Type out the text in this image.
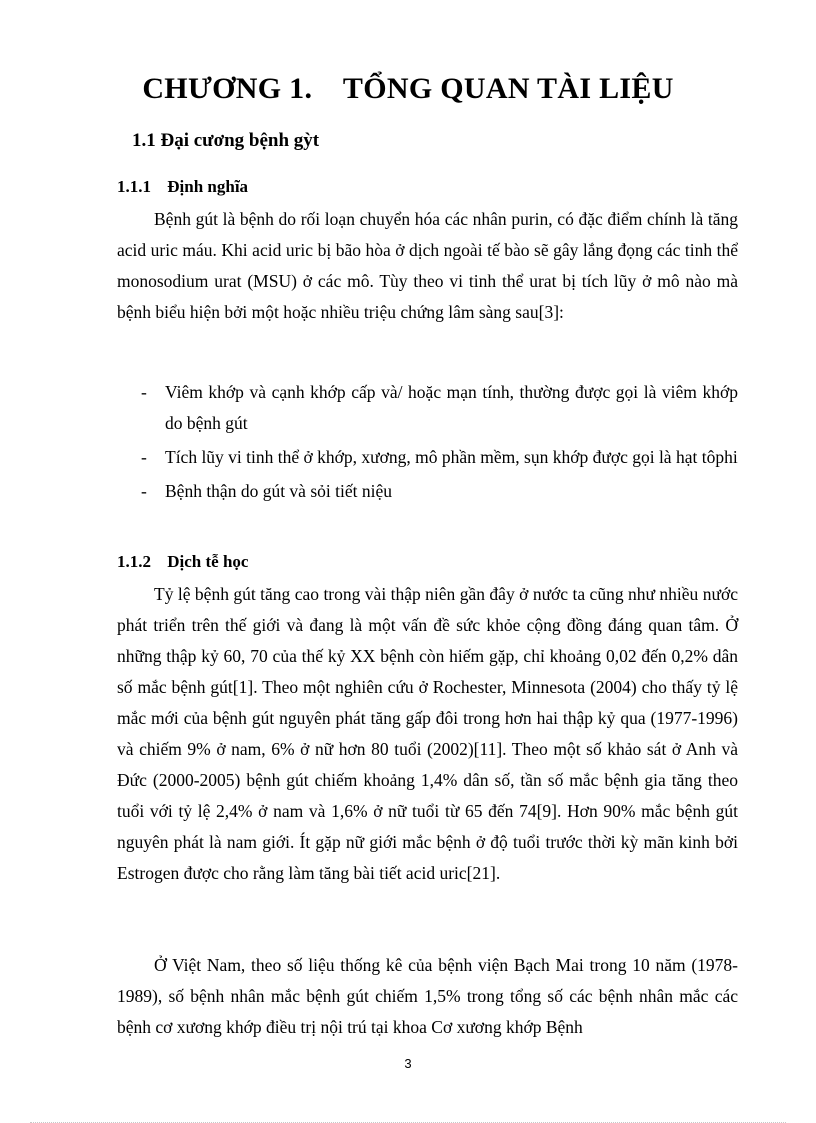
CHƯƠNG 1.    TỔNG QUAN TÀI LIỆU
1.1 Đại cương bệnh gỳt
1.1.1 Định nghĩa

Bệnh gút là bệnh do rối loạn chuyển hóa các nhân purin, có đặc điểm chính là tăng acid uric máu. Khi acid uric bị bão hòa ở dịch ngoài tế bào sẽ gây lắng đọng các tinh thể monosodium urat (MSU) ở các mô. Tùy theo vi tinh thể urat bị tích lũy ở mô nào mà bệnh biểu hiện bởi một hoặc nhiều triệu chứng lâm sàng sau[3]:

- Viêm khớp và cạnh khớp cấp và/ hoặc mạn tính, thường được gọi là viêm khớp do bệnh gút
- Tích lũy vi tinh thể ở khớp, xương, mô phần mềm, sụn khớp được gọi là hạt tôphi
- Bệnh thận do gút và sỏi tiết niệu
1.1.2 Dịch tễ học

Tỷ lệ bệnh gút tăng cao trong vài thập niên gần đây ở nước ta cũng như nhiều nước phát triển trên thế giới và đang là một vấn đề sức khỏe cộng đồng đáng quan tâm. Ở những thập kỷ 60, 70 của thế kỷ XX bệnh còn hiếm gặp, chỉ khoảng 0,02 đến 0,2% dân số mắc bệnh gút[1]. Theo một nghiên cứu ở Rochester, Minnesota (2004) cho thấy tỷ lệ mắc mới của bệnh gút nguyên phát tăng gấp đôi trong hơn hai thập kỷ qua (1977-1996) và chiếm 9% ở nam, 6% ở nữ hơn 80 tuổi (2002)[11]. Theo một số khảo sát ở Anh và Đức (2000-2005) bệnh gút chiếm khoảng 1,4% dân số, tần số mắc bệnh gia tăng theo tuổi với tỷ lệ 2,4% ở nam và 1,6% ở nữ tuổi từ 65 đến 74[9]. Hơn 90% mắc bệnh gút nguyên phát là nam giới. Ít gặp nữ giới mắc bệnh ở độ tuổi trước thời kỳ mãn kinh bởi Estrogen được cho rằng làm tăng bài tiết acid uric[21].

Ở Việt Nam, theo số liệu thống kê của bệnh viện Bạch Mai trong 10 năm (1978-1989), số bệnh nhân mắc bệnh gút chiếm 1,5% trong tổng số các bệnh nhân mắc các bệnh cơ xương khớp điều trị nội trú tại khoa Cơ xương khớp Bệnh

3
